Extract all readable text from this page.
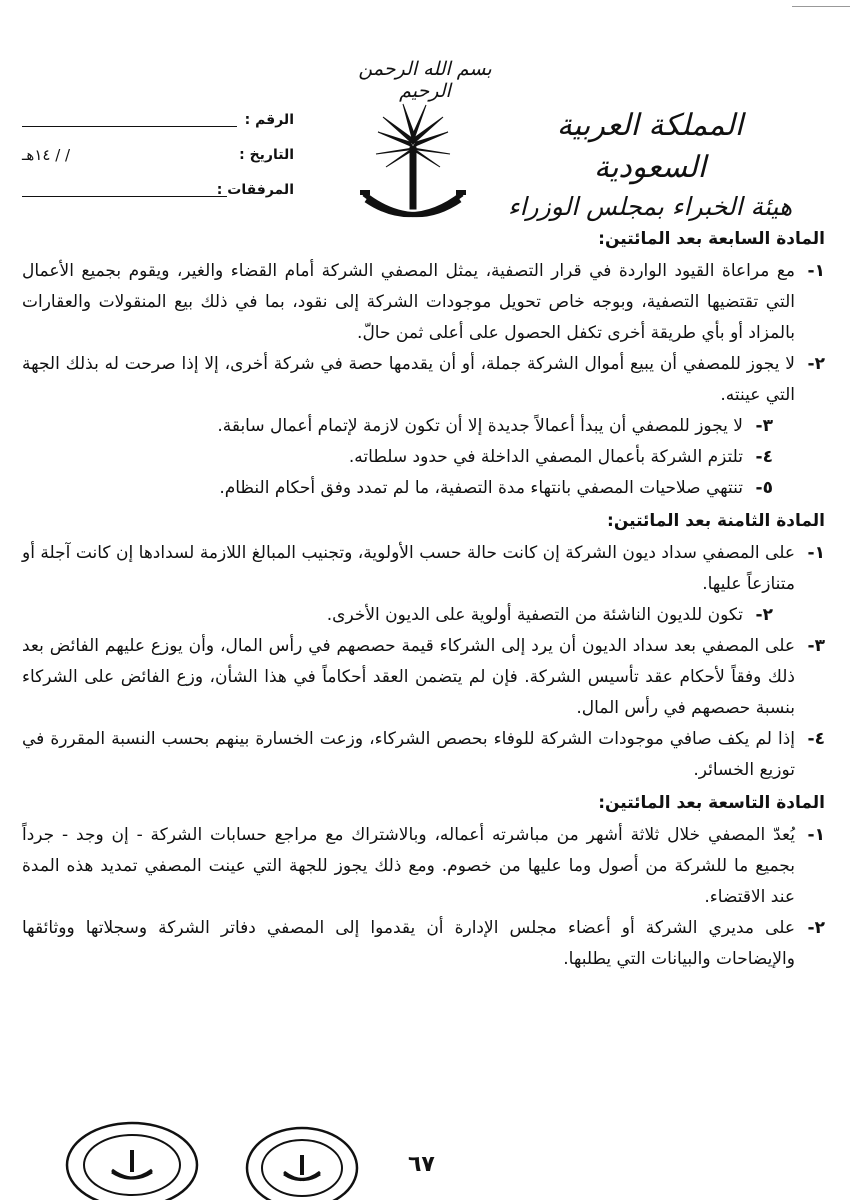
بسم الله الرحمن الرحيم
المملكة العربية السعودية
هيئة الخبراء بمجلس الوزراء
الرقم :
التاريخ :
١٤هـ / /
المرفقات :
المادة السابعة بعد المائتين:
١-
مع مراعاة القيود الواردة في قرار التصفية، يمثل المصفي الشركة أمام القضاء والغير، ويقوم بجميع الأعمال التي تقتضيها التصفية، وبوجه خاص تحويل موجودات الشركة إلى نقود، بما في ذلك بيع المنقولات والعقارات بالمزاد أو بأي طريقة أخرى تكفل الحصول على أعلى ثمن حالّ.
٢-
لا يجوز للمصفي أن يبيع أموال الشركة جملة، أو أن يقدمها حصة في شركة أخرى، إلا إذا صرحت له بذلك الجهة التي عينته.
٣-
لا يجوز للمصفي أن يبدأ أعمالاً جديدة إلا أن تكون لازمة لإتمام أعمال سابقة.
٤-
تلتزم الشركة بأعمال المصفي الداخلة في حدود سلطاته.
٥-
تنتهي صلاحيات المصفي بانتهاء مدة التصفية، ما لم تمدد وفق أحكام النظام.
المادة الثامنة بعد المائتين:
١-
على المصفي سداد ديون الشركة إن كانت حالة حسب الأولوية، وتجنيب المبالغ اللازمة لسدادها إن كانت آجلة أو متنازعاً عليها.
٢-
تكون للديون الناشئة من التصفية أولوية على الديون الأخرى.
٣-
على المصفي بعد سداد الديون أن يرد إلى الشركاء قيمة حصصهم في رأس المال، وأن يوزع عليهم الفائض بعد ذلك وفقاً لأحكام عقد تأسيس الشركة. فإن لم يتضمن العقد أحكاماً في هذا الشأن، وزع الفائض على الشركاء بنسبة حصصهم في رأس المال.
٤-
إذا لم يكف صافي موجودات الشركة للوفاء بحصص الشركاء، وزعت الخسارة بينهم بحسب النسبة المقررة في توزيع الخسائر.
المادة التاسعة بعد المائتين:
١-
يُعدّ المصفي خلال ثلاثة أشهر من مباشرته أعماله، وبالاشتراك مع مراجع حسابات الشركة - إن وجد - جرداً بجميع ما للشركة من أصول وما عليها من خصوم. ومع ذلك يجوز للجهة التي عينت المصفي تمديد هذه المدة عند الاقتضاء.
٢-
على مديري الشركة أو أعضاء مجلس الإدارة أن يقدموا إلى المصفي دفاتر الشركة وسجلاتها ووثائقها والإيضاحات والبيانات التي يطلبها.
٦٧
